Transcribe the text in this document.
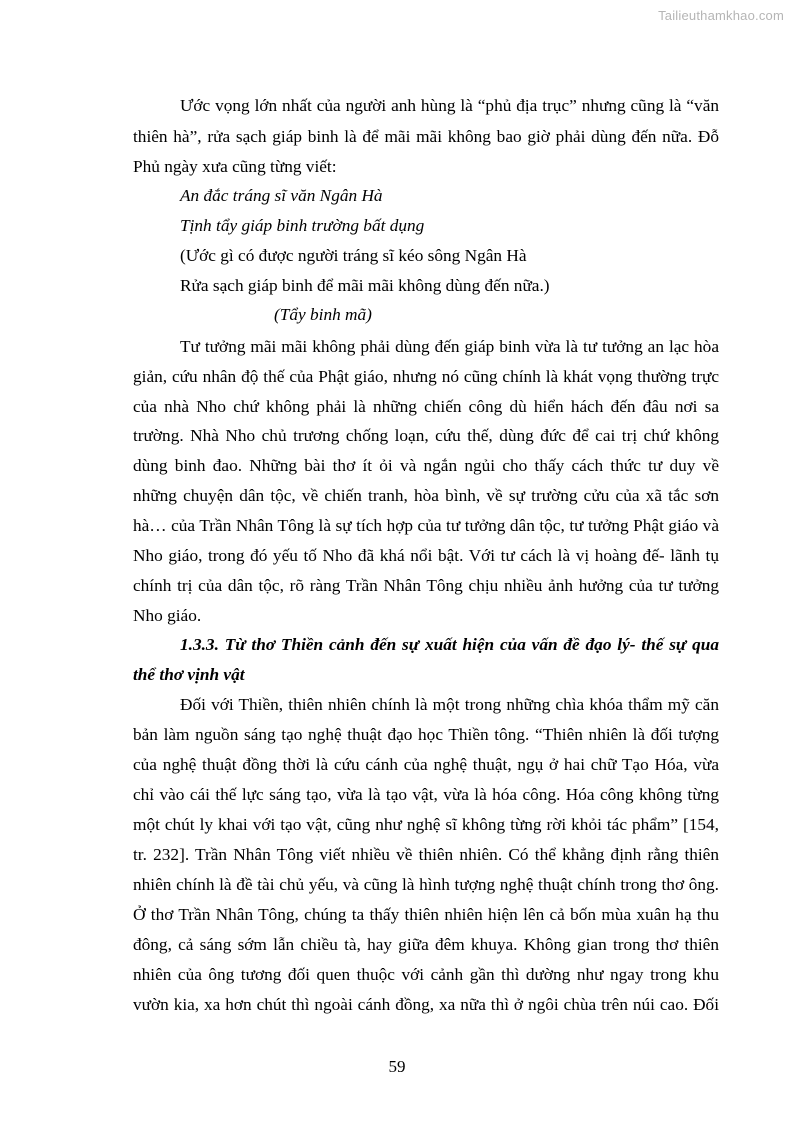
Tailieuthamkhao.com
Ước vọng lớn nhất của người anh hùng là “phủ địa trục” nhưng cũng là “văn
thiên hà”, rửa sạch giáp binh là để mãi mãi không bao giờ phải dùng đến nữa. Đỗ
Phủ ngày xưa cũng từng viết:
An đắc tráng sĩ văn Ngân Hà
Tịnh tẩy giáp binh trường bất dụng
(Ước gì có được người tráng sĩ kéo sông Ngân Hà
Rửa sạch giáp binh để mãi mãi không dùng đến nữa.)
(Tẩy binh mã)
Tư tưởng mãi mãi không phải dùng đến giáp binh vừa là tư tưởng an lạc hòa
giản, cứu nhân độ thế của Phật giáo, nhưng nó cũng chính là khát vọng thường trực
của nhà Nho chứ không phải là những chiến công dù hiển hách đến đâu nơi sa
trường. Nhà Nho chủ trương chống loạn, cứu thế, dùng đức để cai trị chứ không
dùng binh đao. Những bài thơ ít ỏi và ngắn ngủi cho thấy cách thức tư duy về
những chuyện dân tộc, về chiến tranh, hòa bình, về sự trường cửu của xã tắc sơn
hà… của Trần Nhân Tông là sự tích hợp của tư tưởng dân tộc, tư tưởng Phật giáo và
Nho giáo, trong đó yếu tố Nho đã khá nổi bật. Với tư cách là vị hoàng đế- lãnh tụ
chính trị của dân tộc, rõ ràng Trần Nhân Tông chịu nhiều ảnh hưởng của tư tưởng
Nho giáo.
1.3.3. Từ thơ Thiền cảnh đến sự xuất hiện của vấn đề đạo lý- thế sự qua
thể thơ vịnh vật
Đối với Thiền, thiên nhiên chính là một trong những chìa khóa thẩm mỹ căn
bản làm nguồn sáng tạo nghệ thuật đạo học Thiền tông. “Thiên nhiên là đối tượng
của nghệ thuật đồng thời là cứu cánh của nghệ thuật, ngụ ở hai chữ Tạo Hóa, vừa
chỉ vào cái thế lực sáng tạo, vừa là tạo vật, vừa là hóa công. Hóa công không từng
một chút ly khai với tạo vật, cũng như nghệ sĩ không từng rời khỏi tác phẩm” [154,
tr. 232]. Trần Nhân Tông viết nhiều về thiên nhiên. Có thể khẳng định rằng thiên
nhiên chính là đề tài chủ yếu, và cũng là hình tượng nghệ thuật chính trong thơ ông.
Ở thơ Trần Nhân Tông, chúng ta thấy thiên nhiên hiện lên cả bốn mùa xuân hạ thu
đông, cả sáng sớm lẫn chiều tà, hay giữa đêm khuya. Không gian trong thơ thiên
nhiên của ông tương đối quen thuộc với cảnh gần thì dường như ngay trong khu
vườn kia, xa hơn chút thì ngoài cánh đồng, xa nữa thì ở ngôi chùa trên núi cao. Đối
59
